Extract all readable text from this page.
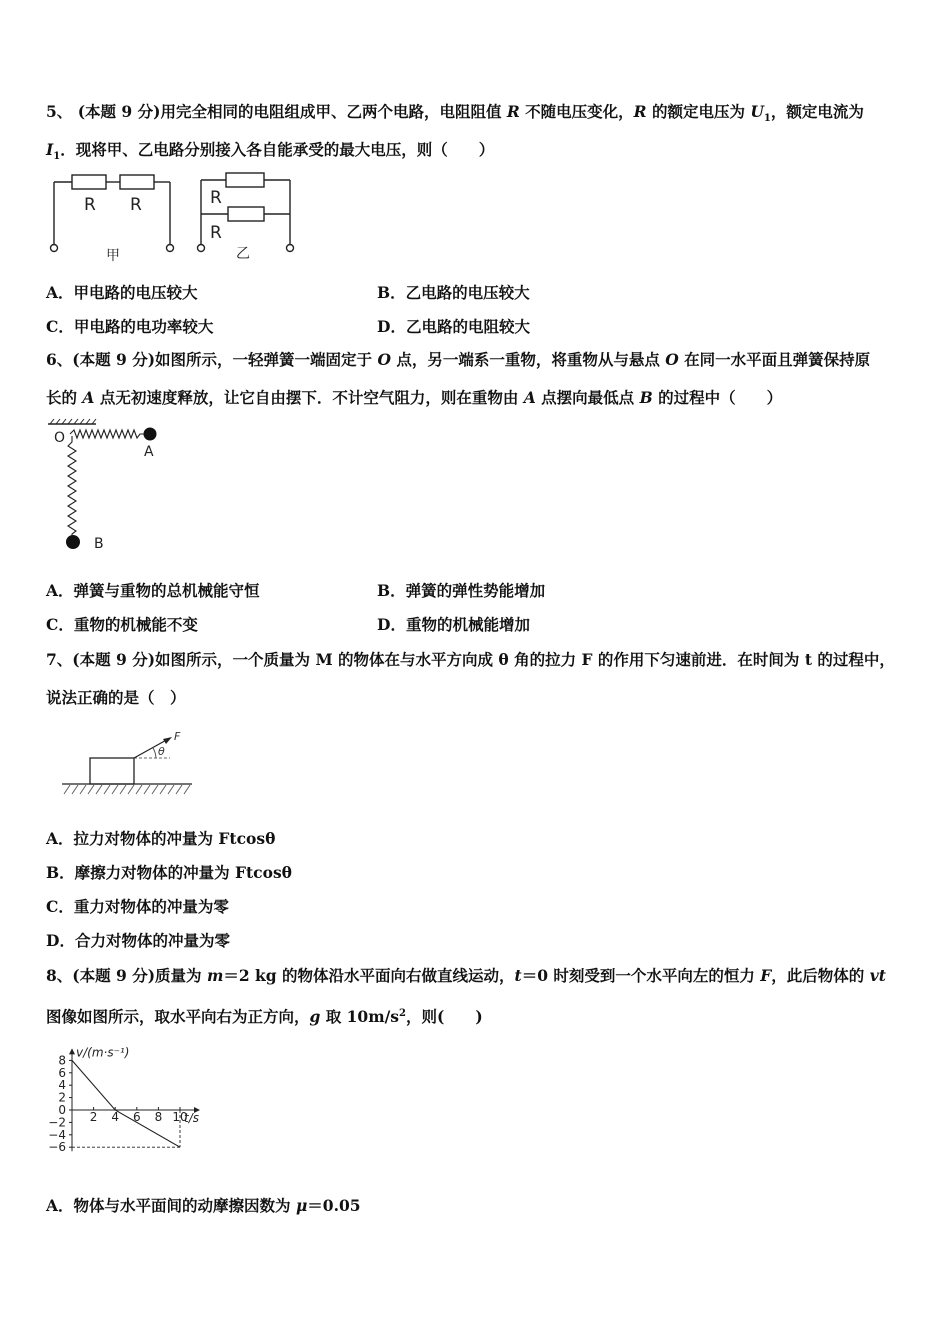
5、 (本题 9 分)用完全相同的电阻组成甲、乙两个电路，电阻阻值 R 不随电压变化，R 的额定电压为 $U_1$，额定电流为
$I_1$．现将甲、乙电路分别接入各自能承受的最大电压，则（　　）
R R
甲
R
R
乙
A．甲电路的电压较大	B．乙电路的电压较大
C．甲电路的电功率较大	D．乙电路的电阻较大
6、(本题 9 分)如图所示，一轻弹簧一端固定于 O 点，另一端系一重物，将重物从与悬点 O 在同一水平面且弹簧保持原
长的 A 点无初速度释放，让它自由摆下．不计空气阻力，则在重物由 A 点摆向最低点 B 的过程中（　　）
O
A
B
A．弹簧与重物的总机械能守恒	B．弹簧的弹性势能增加
C．重物的机械能不变	D．重物的机械能增加
7、(本题 9 分)如图所示，一个质量为 M 的物体在与水平方向成 θ 角的拉力 F 的作用下匀速前进．在时间为 t 的过程中，
说法正确的是（　）
θ
F
A．拉力对物体的冲量为 Ftcosθ
B．摩擦力对物体的冲量为 Ftcosθ
C．重力对物体的冲量为零
D．合力对物体的冲量为零
8、(本题 9 分)质量为 m＝2 kg 的物体沿水平面向右做直线运动，t＝0 时刻受到一个水平向左的恒力 F，此后物体的 vt
图像如图所示，取水平向右为正方向，g 取 $10m/s^2$，则(　　)
8
6
4
2
0
−2
−4
−6
2 4 6 8 10
v/(m·s⁻¹)
t/s
A．物体与水平面间的动摩擦因数为 μ＝0.05
